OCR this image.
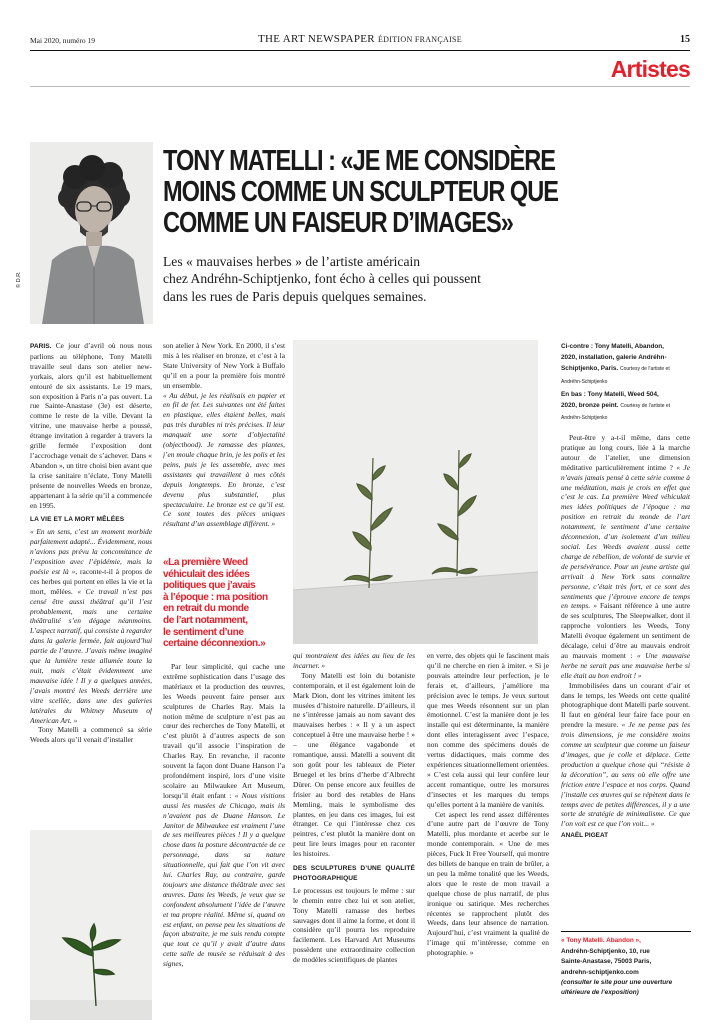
Mai 2020, numéro 19	THE ART NEWSPAPER ÉDITION FRANÇAISE	15
Artistes
© D.R.
TONY MATELLI : «JE ME CONSIDÈRE
MOINS COMME UN SCULPTEUR QUE
COMME UN FAISEUR D’IMAGES»
Les « mauvaises herbes » de l’artiste américain
chez Andréhn-Schiptjenko, font écho à celles qui poussent
dans les rues de Paris depuis quelques semaines.

PARIS. Ce jour d’avril où nous nous parlions au téléphone, Tony Matelli travaille seul dans son atelier new-yorkais, alors qu’il est habituellement entouré de six assistants. Le 19 mars, son exposition à Paris n’a pas ouvert. La rue Sainte-Anastase (3e) est déserte, comme le reste de la ville. Devant la vitrine, une mauvaise herbe a poussé, étrange invitation à regarder à travers la grille fermée l’exposition dont l’accrochage venait de s’achever. Dans « Abandon », un titre choisi bien avant que la crise sanitaire n’éclate, Tony Matelli présente de nouvelles Weeds en bronze, appartenant à la série qu’il a commencée en 1995.

LA VIE ET LA MORT MÊLÉES

« En un sens, c’est un moment morbide parfaitement adapté... Évidemment, nous n’avions pas prévu la concomitance de l’exposition avec l’épidémie, mais la poésie est là », raconte-t-il à propos de ces herbes qui portent en elles la vie et la mort, mêlées. « Ce travail n’est pas censé être aussi théâtral qu’il l’est probablement, mais une certaine théâtralité s’en dégage néanmoins. L’aspect narratif, qui consiste à regarder dans la galerie fermée, fait aujourd’hui partie de l’œuvre. J’avais même imaginé que la lumière reste allumée toute la nuit, mais c’était évidemment une mauvaise idée ! Il y a quelques années, j’avais montré les Weeds derrière une vitre scellée, dans une des galeries latérales du Whitney Museum of American Art. »

Tony Matelli a commencé sa série Weeds alors qu’il venait d’installer

son atelier à New York. En 2000, il s’est mis à les réaliser en bronze, et c’est à la State University of New York à Buffalo qu’il en a pour la première fois montré un ensemble.

« Au début, je les réalisais en papier et en fil de fer. Les suivantes ont été faites en plastique, elles étaient belles, mais pas très durables ni très précises. Il leur manquait une sorte d’objectalité (objecthood). Je ramasse des plantes, j’en moule chaque brin, je les polis et les peins, puis je les assemble, avec mes assistants qui travaillent à mes côtés depuis longtemps. En bronze, c’est devenu plus substantiel, plus spectaculaire. Le bronze est ce qu’il est. Ce sont toutes des pièces uniques résultant d’un assemblage différent. »

«La première Weed
véhiculait des idées
politiques que j’avais
à l’époque : ma position
en retrait du monde
de l’art notamment,
le sentiment d’une
certaine déconnexion.»

Par leur simplicité, qui cache une extrême sophistication dans l’usage des matériaux et la production des œuvres, les Weeds peuvent faire penser aux sculptures de Charles Ray. Mais la notion même de sculpture n’est pas au cœur des recherches de Tony Matelli, et c’est plutôt à d’autres aspects de son travail qu’il associe l’inspiration de Charles Ray. En revanche, il raconte souvent la façon dont Duane Hanson l’a profondément inspiré, lors d’une visite scolaire au Milwaukee Art Museum, lorsqu’il était enfant : « Nous visitions aussi les musées de Chicago, mais ils n’avaient pas de Duane Hanson. Le Janitor de Milwaukee est vraiment l’une de ses meilleures pièces ! Il y a quelque chose dans la posture décontractée de ce personnage, dans sa nature situationnelle, qui fait que l’on vit avec lui. Charles Ray, au contraire, garde toujours une distance théâtrale avec ses œuvres. Dans les Weeds, je veux que se confondent absolument l’idée de l’œuvre et ma propre réalité. Même si, quand on est enfant, on pense peu les situations de façon abstraite, je me suis rendu compte que tout ce qu’il y avait d’autre dans cette salle de musée se réduisait à des signes,

qui montraient des idées au lieu de les incarner. »

Tony Matelli est loin du botaniste contemporain, et il est également loin de Mark Dion, dont les vitrines imitent les musées d’histoire naturelle. D’ailleurs, il ne s’intéresse jamais au nom savant des mauvaises herbes : « Il y a un aspect conceptuel à être une mauvaise herbe ! » – une élégance vagabonde et romantique, aussi. Matelli a souvent dit son goût pour les tableaux de Pieter Bruegel et les brins d’herbe d’Albrecht Dürer. On pense encore aux feuilles de frisier au bord des retables de Hans Memling, mais le symbolisme des plantes, en jeu dans ces images, lui est étranger. Ce qui l’intéresse chez ces peintres, c’est plutôt la manière dont on peut lire leurs images pour en raconter les histoires.

DES SCULPTURES D’UNE QUALITÉ PHOTOGRAPHIQUE

Le processus est toujours le même : sur le chemin entre chez lui et son atelier, Tony Matelli ramasse des herbes sauvages dont il aime la forme, et dont il considère qu’il pourra les reproduire facilement. Les Harvard Art Museums possèdent une extraordinaire collection de modèles scientifiques de plantes

en verre, des objets qui le fascinent mais qu’il ne cherche en rien à imiter. « Si je pouvais atteindre leur perfection, je le ferais et, d’ailleurs, j’améliore ma précision avec le temps. Je veux surtout que mes Weeds résonnent sur un plan émotionnel. C’est la manière dont je les installe qui est déterminante, la manière dont elles interagissent avec l’espace, non comme des spécimens doués de vertus didactiques, mais comme des expériences situationnellement orientées. » C’est cela aussi qui leur confère leur accent romantique, outre les morsures d’insectes et les marques du temps qu’elles portent à la manière de vanités.

Cet aspect les rend assez différentes d’une autre part de l’œuvre de Tony Matelli, plus mordante et acerbe sur le monde contemporain. « Une de mes pièces, Fuck It Free Yourself, qui montre des billets de banque en train de brûler, a un peu la même tonalité que les Weeds, alors que le reste de mon travail a quelque chose de plus narratif, de plus ironique ou satirique. Mes recherches récentes se rapprochent plutôt des Weeds, dans leur absence de narration. Aujourd’hui, c’est vraiment la qualité de l’image qui m’intéresse, comme en photographie. »

Ci-contre : Tony Matelli, Abandon,
2020, installation, galerie Andréhn-
Schiptjenko, Paris. Courtesy de l’artiste et Andréhn-Schiptjenko
En bas : Tony Matelli, Weed 504,
2020, bronze peint. Courtesy de l’artiste et Andréhn-Schiptjenko

Peut-être y a-t-il même, dans cette pratique au long cours, liée à la marche autour de l’atelier, une dimension méditative particulièrement intime ? « Je n’avais jamais pensé à cette série comme à une méditation, mais je crois en effet que c’est le cas. La première Weed véhiculait mes idées politiques de l’époque : ma position en retrait du monde de l’art notamment, le sentiment d’une certaine déconnexion, d’un isolement d’un milieu social. Les Weeds avaient aussi cette charge de rébellion, de volonté de survie et de persévérance. Pour un jeune artiste qui arrivait à New York sans connaître personne, c’était très fort, et ce sont des sentiments que j’éprouve encore de temps en temps. » Faisant référence à une autre de ses sculptures, The Sleepwalker, dont il rapproche volontiers les Weeds, Tony Matelli évoque également un sentiment de décalage, celui d’être au mauvais endroit au mauvais moment : « Une mauvaise herbe ne serait pas une mauvaise herbe si elle était au bon endroit ! »

Immobilisées dans un courant d’air et dans le temps, les Weeds ont cette qualité photographique dont Matelli parle souvent. Il faut en général leur faire face pour en prendre la mesure. « Je ne pense pas les trois dimensions, je me considère moins comme un sculpteur que comme un faiseur d’images, que je colle et déplace. Cette production a quelque chose qui “résiste à la décoration”, au sens où elle offre une friction entre l’espace et nos corps. Quand j’installe ces œuvres qui se répètent dans le temps avec de petites différences, il y a une sorte de stratégie de minimalisme. Ce que l’on voit est ce que l’on voit... »

ANAËL PIGEAT
« Tony Matelli. Abandon »,
Andréhn-Schiptjenko, 10, rue
Sainte-Anastase, 75003 Paris,
andrehn-schiptjenko.com
(consulter le site pour une ouverture ultérieure de l’exposition)
